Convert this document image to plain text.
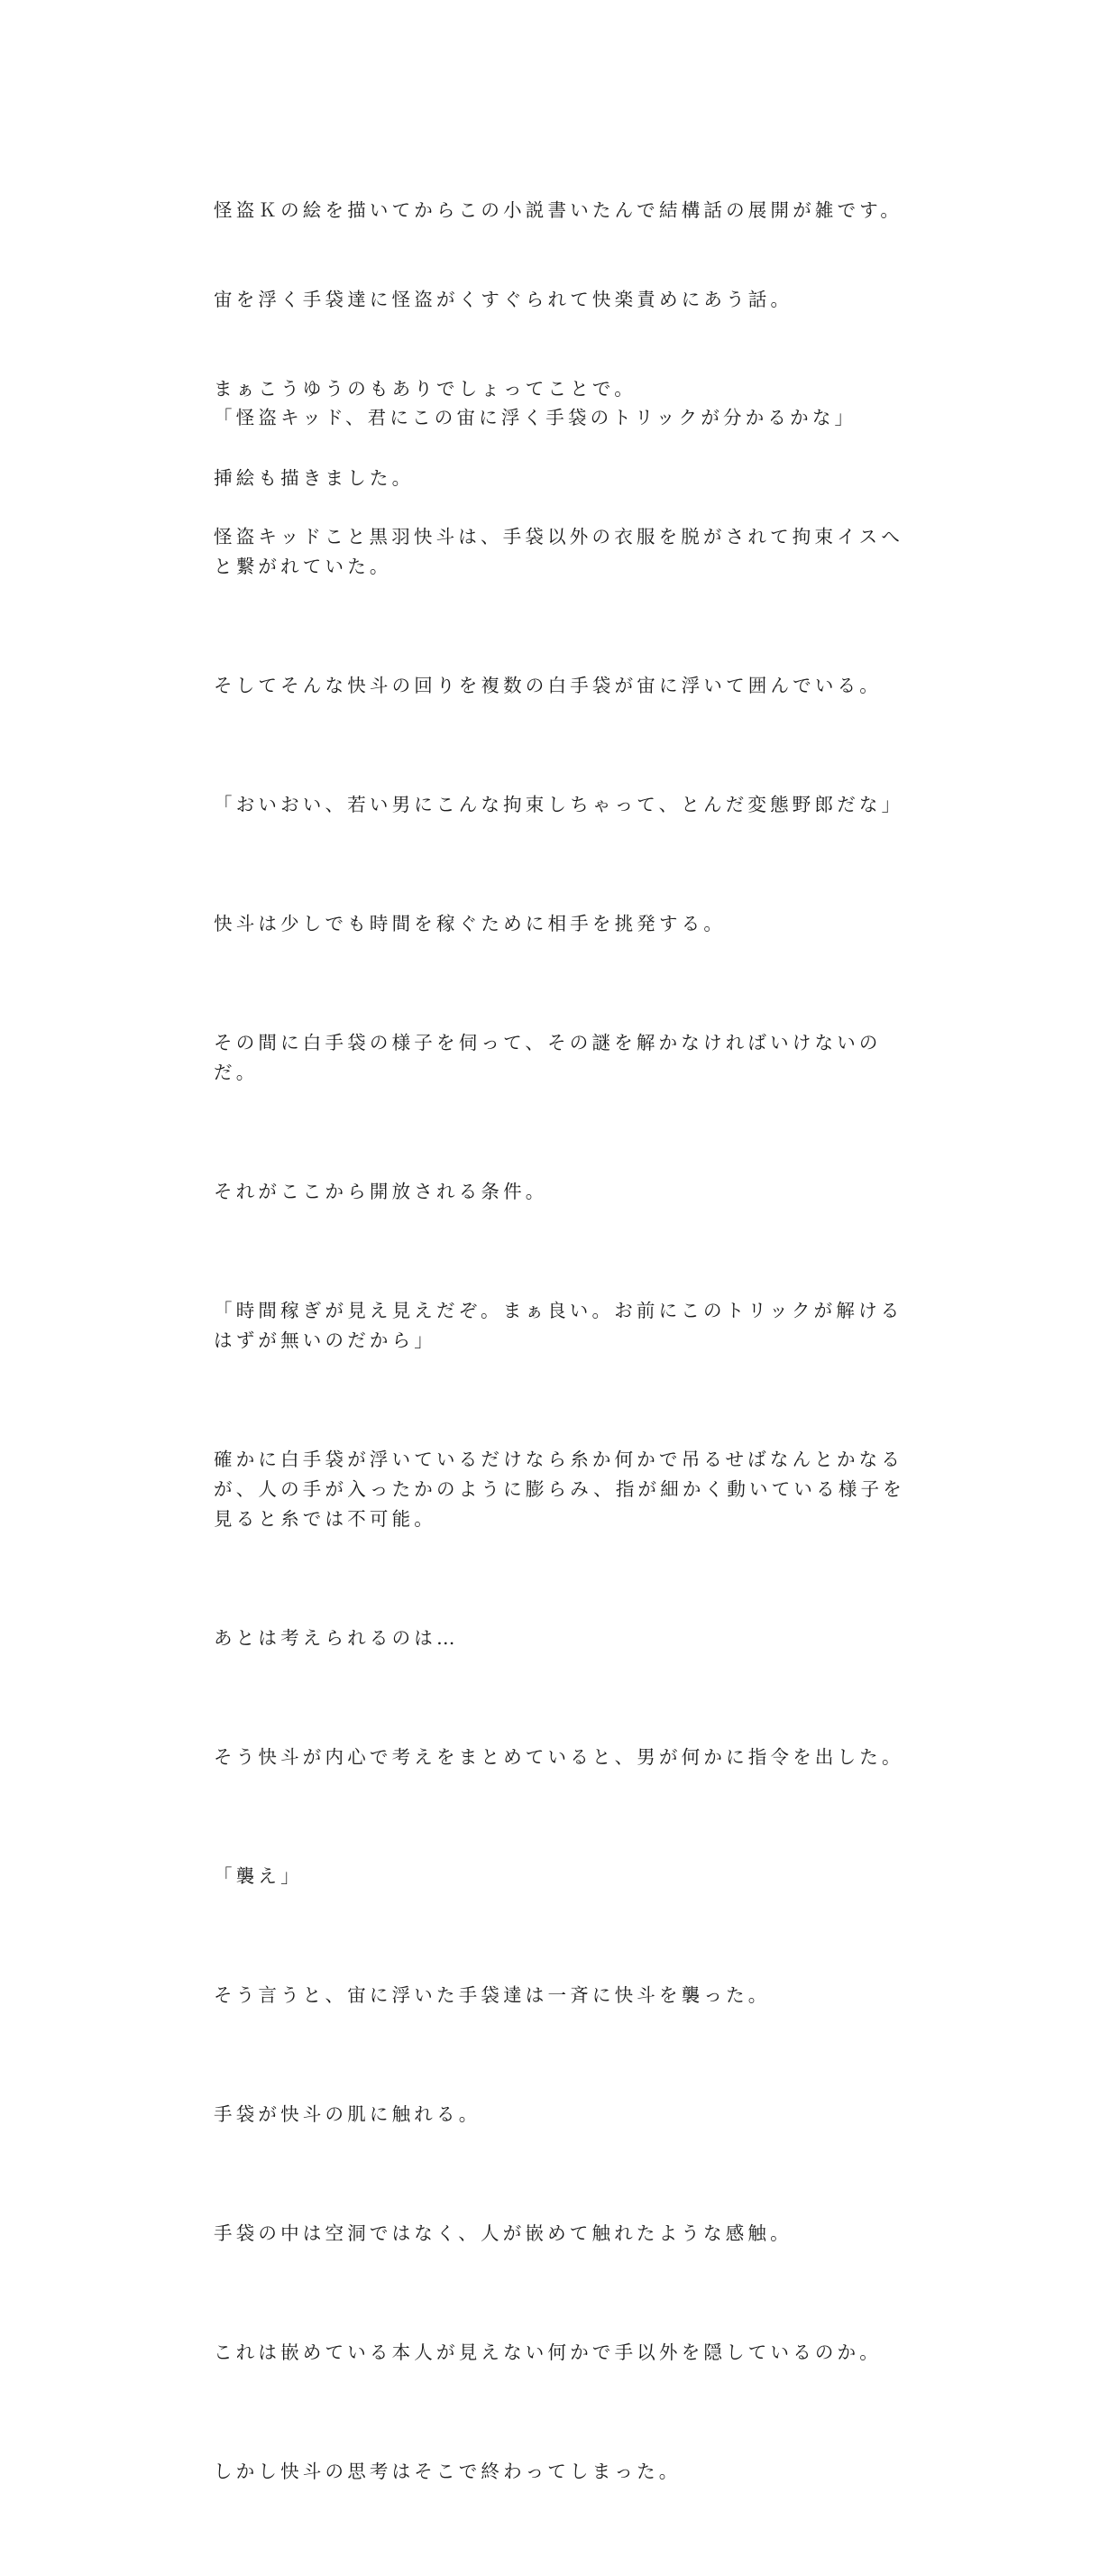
怪盗Ｋの絵を描いてからこの小説書いたんで結構話の展開が雑です。

宙を浮く手袋達に怪盗がくすぐられて快楽責めにあう話。

まぁこうゆうのもありでしょってことで。

挿絵も描きました。

「怪盗キッド、君にこの宙に浮く手袋のトリックが分かるかな」

怪盗キッドこと黒羽快斗は、手袋以外の衣服を脱がされて拘束イスへと繋がれていた。

そしてそんな快斗の回りを複数の白手袋が宙に浮いて囲んでいる。

「おいおい、若い男にこんな拘束しちゃって、とんだ変態野郎だな」

快斗は少しでも時間を稼ぐために相手を挑発する。

その間に白手袋の様子を伺って、その謎を解かなければいけないのだ。

それがここから開放される条件。

「時間稼ぎが見え見えだぞ。まぁ良い。お前にこのトリックが解けるはずが無いのだから」

確かに白手袋が浮いているだけなら糸か何かで吊るせばなんとかなるが、人の手が入ったかのように膨らみ、指が細かく動いている様子を見ると糸では不可能。

あとは考えられるのは…

そう快斗が内心で考えをまとめていると、男が何かに指令を出した。

「襲え」

そう言うと、宙に浮いた手袋達は一斉に快斗を襲った。

手袋が快斗の肌に触れる。

手袋の中は空洞ではなく、人が嵌めて触れたような感触。

これは嵌めている本人が見えない何かで手以外を隠しているのか。

しかし快斗の思考はそこで終わってしまった。
